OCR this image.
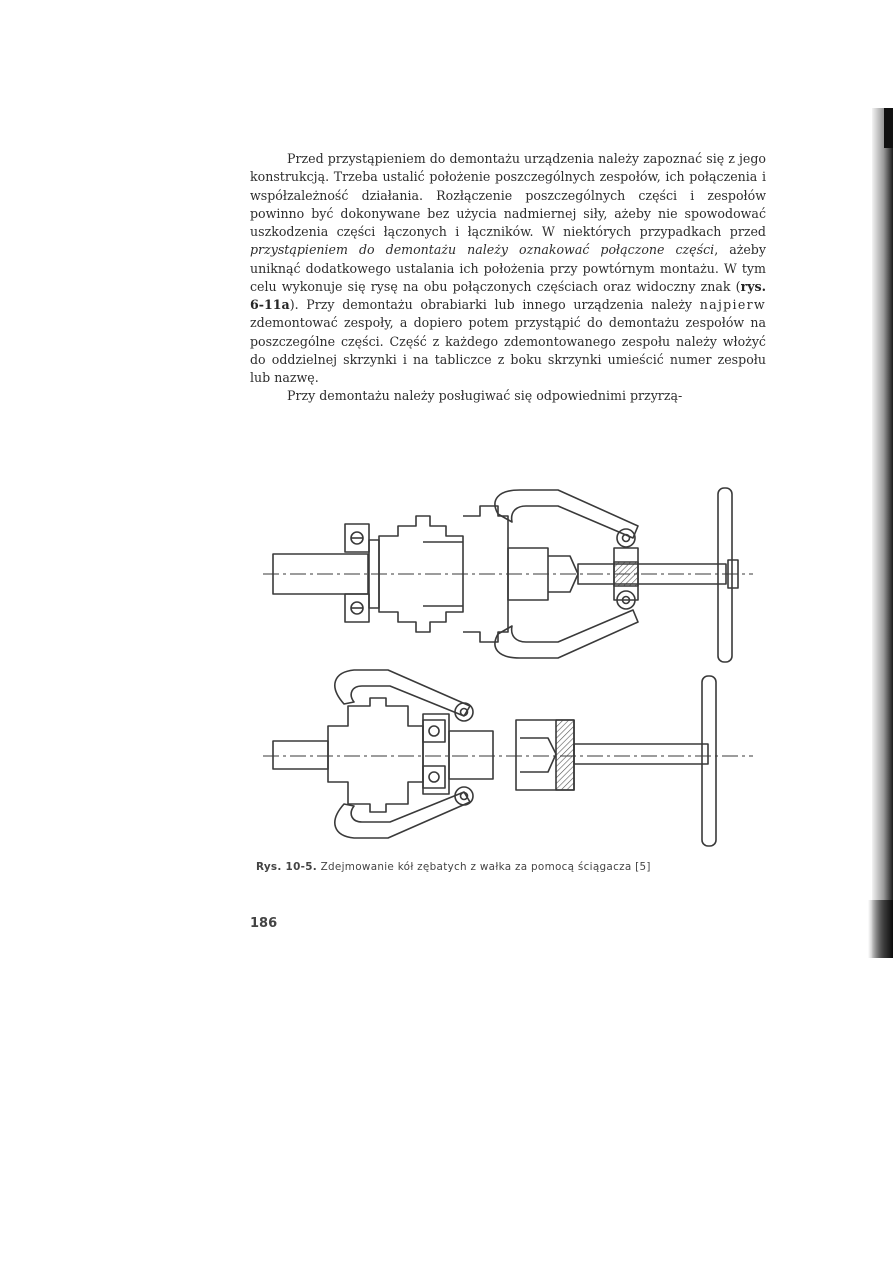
Przed przystąpieniem do demontażu urządzenia należy zapoznać się z jego konstrukcją. Trzeba ustalić położenie poszczególnych zespołów, ich połączenia i współzależność działania. Rozłączenie poszczególnych części i zespołów powinno być dokonywane bez użycia nadmiernej siły, ażeby nie spowodować uszkodzenia części łączonych i łączników. W niektórych przypadkach przed przystąpieniem do demontażu należy oznakować połączone części, ażeby uniknąć dodatkowego ustalania ich położenia przy powtórnym montażu. W tym celu wykonuje się rysę na obu połączonych częściach oraz widoczny znak (rys. 6-11a). Przy demontażu obrabiarki lub innego urządzenia należy najpierw zdemontować zespoły, a dopiero potem przystąpić do demontażu zespołów na poszczególne części. Część z każdego zdemontowanego zespołu należy włożyć do oddzielnej skrzynki i na tabliczce z boku skrzynki umieścić numer zespołu lub nazwę.

Przy demontażu należy posługiwać się odpowiednimi przyrzą-

Rys. 10-5. Zdejmowanie kół zębatych z wałka za pomocą ściągacza [5]
186
